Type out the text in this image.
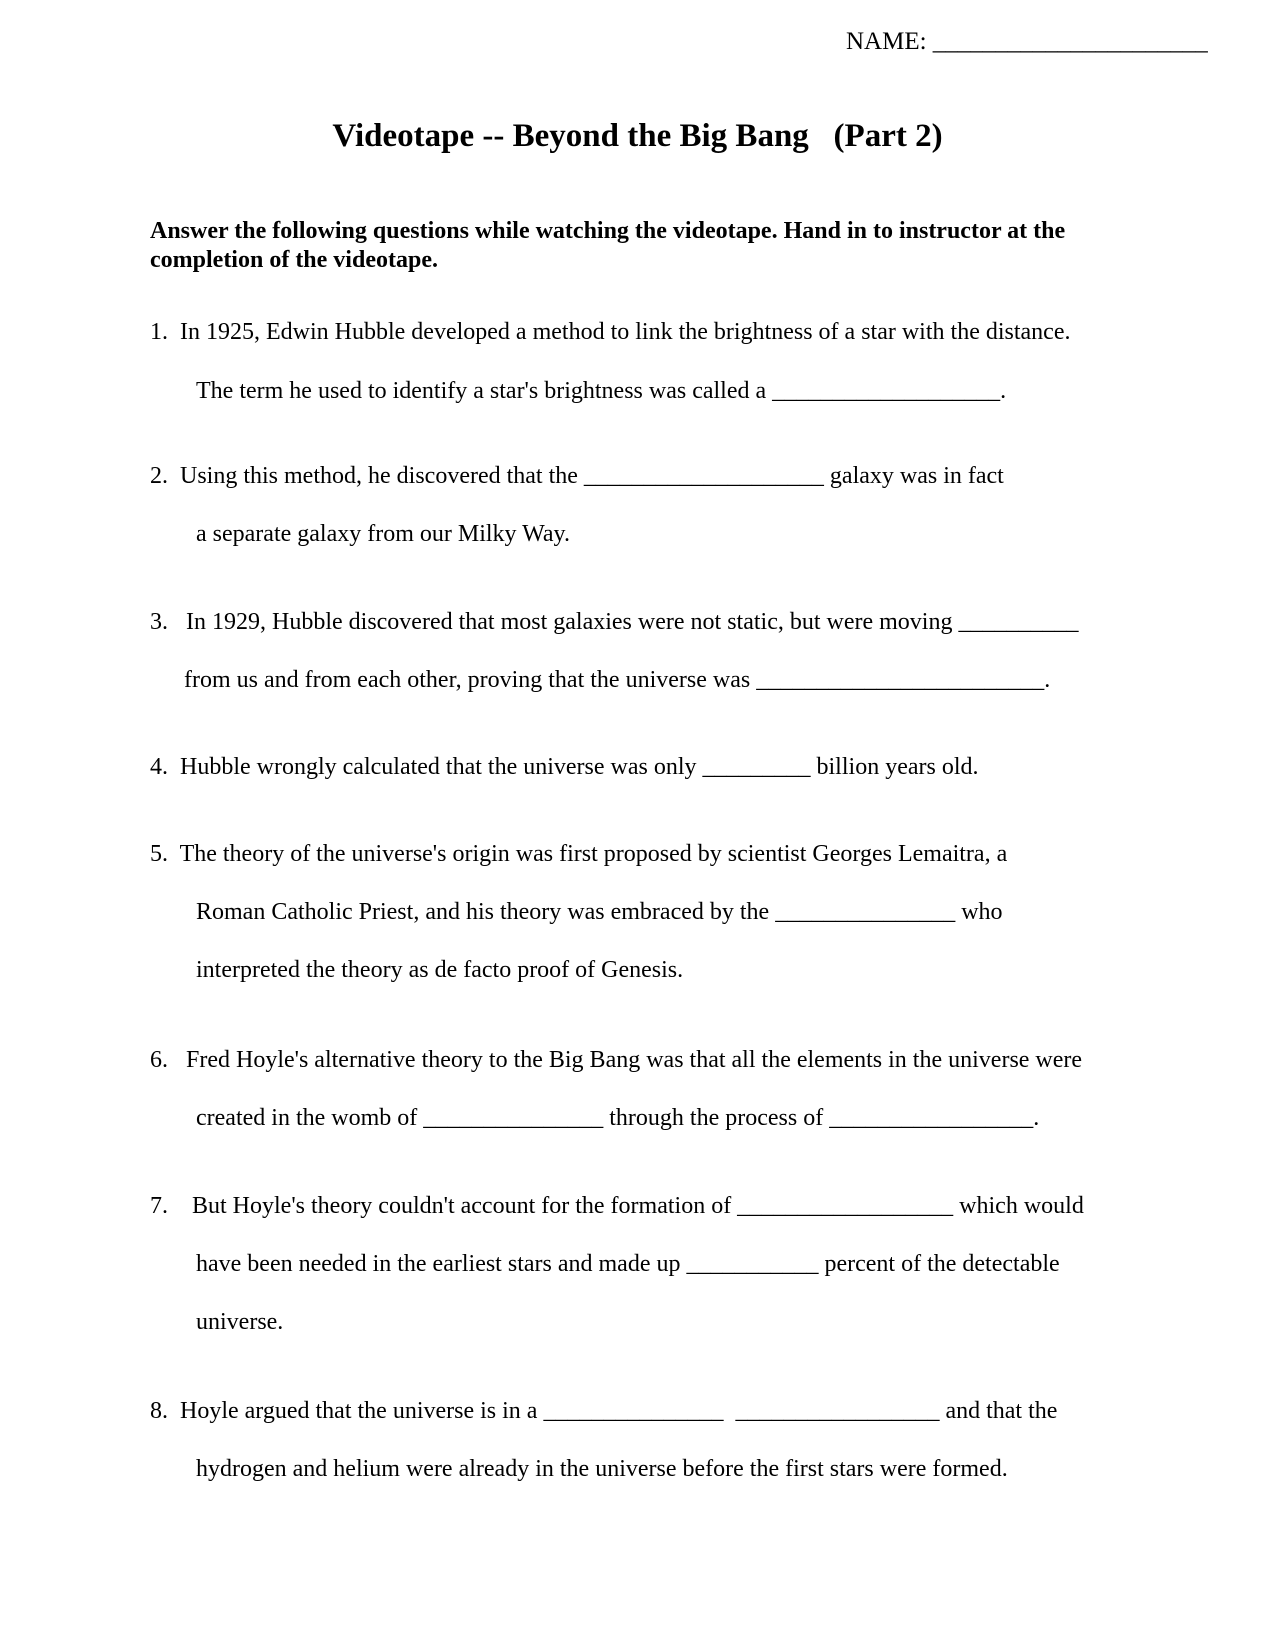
NAME: ______________________
Videotape -- Beyond the Big Bang   (Part 2)
Answer the following questions while watching the videotape. Hand in to instructor at the completion of the videotape.
1.  In 1925, Edwin Hubble developed a method to link the brightness of a star with the distance.
The term he used to identify a star's brightness was called a ___________________.
2.  Using this method, he discovered that the ____________________ galaxy was in fact
a separate galaxy from our Milky Way.
3.   In 1929, Hubble discovered that most galaxies were not static, but were moving __________
from us and from each other, proving that the universe was ________________________.
4.  Hubble wrongly calculated that the universe was only _________ billion years old.
5.  The theory of the universe's origin was first proposed by scientist Georges Lemaitra, a
Roman Catholic Priest, and his theory was embraced by the _______________ who
interpreted the theory as de facto proof of Genesis.
6.   Fred Hoyle's alternative theory to the Big Bang was that all the elements in the universe were
created in the womb of _______________ through the process of _________________.
7.    But Hoyle's theory couldn't account for the formation of __________________ which would
have been needed in the earliest stars and made up ___________ percent of the detectable
universe.
8.  Hoyle argued that the universe is in a _______________  _________________ and that the
hydrogen and helium were already in the universe before the first stars were formed.
